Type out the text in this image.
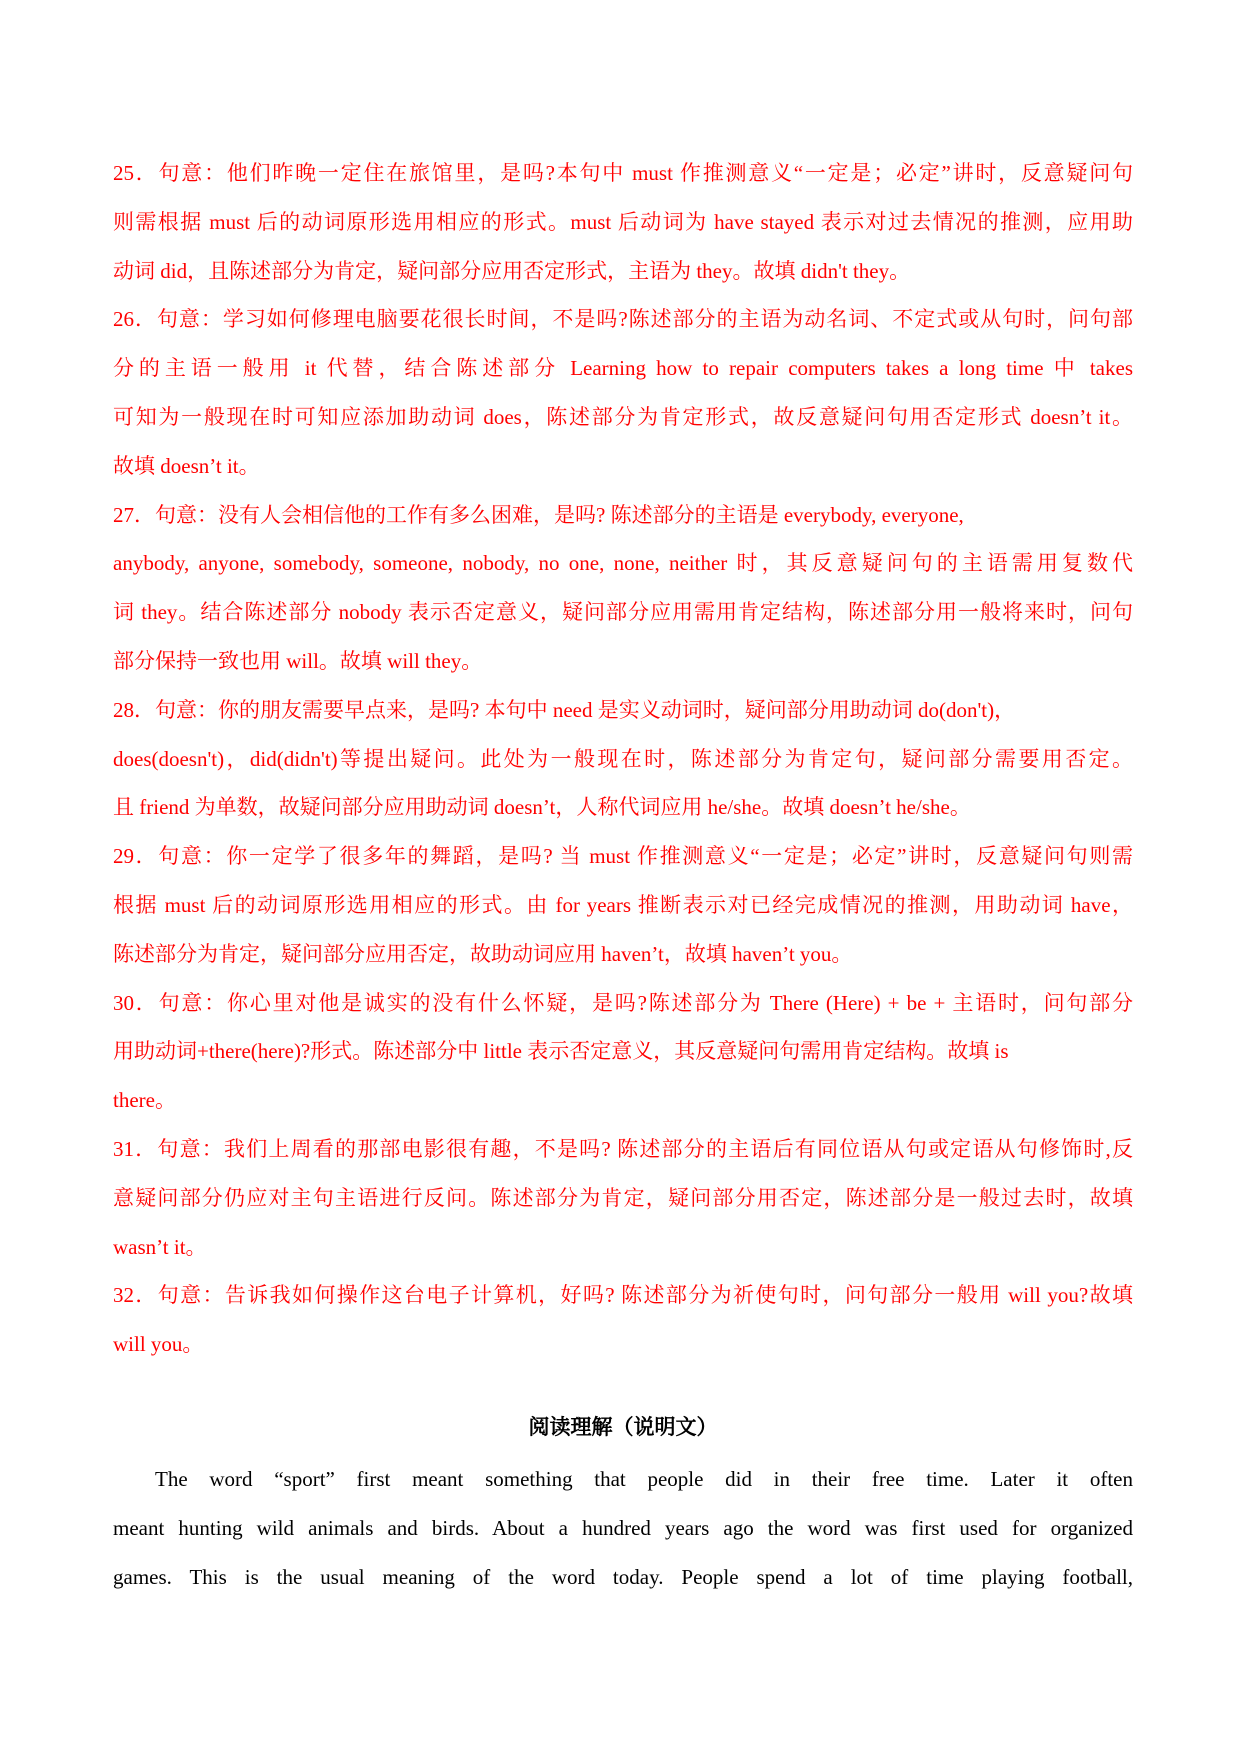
25．句意：他们昨晚一定住在旅馆里，是吗?本句中 must 作推测意义“一定是；必定”讲时，反意疑问句
则需根据 must 后的动词原形选用相应的形式。must 后动词为 have stayed 表示对过去情况的推测，应用助
动词 did，且陈述部分为肯定，疑问部分应用否定形式，主语为 they。故填 didn't they。
26．句意：学习如何修理电脑要花很长时间，不是吗?陈述部分的主语为动名词、不定式或从句时，问句部
分的主语一般用 it 代替，结合陈述部分 Learning how to repair computers takes a long time 中 takes
可知为一般现在时可知应添加助动词 does，陈述部分为肯定形式，故反意疑问句用否定形式 doesn’t it。
故填 doesn’t it。
27．句意：没有人会相信他的工作有多么困难，是吗? 陈述部分的主语是 everybody, everyone,
anybody, anyone, somebody, someone, nobody, no one, none, neither 时，其反意疑问句的主语需用复数代
词 they。结合陈述部分 nobody 表示否定意义，疑问部分应用需用肯定结构，陈述部分用一般将来时，问句
部分保持一致也用 will。故填 will they。
28．句意：你的朋友需要早点来，是吗? 本句中 need 是实义动词时，疑问部分用助动词 do(don't)，
does(doesn't)，did(didn't)等提出疑问。此处为一般现在时，陈述部分为肯定句，疑问部分需要用否定。
且 friend 为单数，故疑问部分应用助动词 doesn’t，人称代词应用 he/she。故填 doesn’t he/she。
29．句意：你一定学了很多年的舞蹈，是吗? 当 must 作推测意义“一定是；必定”讲时，反意疑问句则需
根据 must 后的动词原形选用相应的形式。由 for years 推断表示对已经完成情况的推测，用助动词 have，
陈述部分为肯定，疑问部分应用否定，故助动词应用 haven’t，故填 haven’t you。
30．句意：你心里对他是诚实的没有什么怀疑，是吗?陈述部分为 There (Here) + be + 主语时，问句部分
用助动词+there(here)?形式。陈述部分中 little 表示否定意义，其反意疑问句需用肯定结构。故填 is
there。
31．句意：我们上周看的那部电影很有趣，不是吗? 陈述部分的主语后有同位语从句或定语从句修饰时,反
意疑问部分仍应对主句主语进行反问。陈述部分为肯定，疑问部分用否定，陈述部分是一般过去时，故填
wasn’t it。
32．句意：告诉我如何操作这台电子计算机，好吗? 陈述部分为祈使句时，问句部分一般用 will you?故填
will you。
阅读理解（说明文）
The word “sport” first meant something that people did in their free time. Later it often
meant hunting wild animals and birds. About a hundred years ago the word was first used for organized
games. This is the usual meaning of the word today. People spend a lot of time playing football,
